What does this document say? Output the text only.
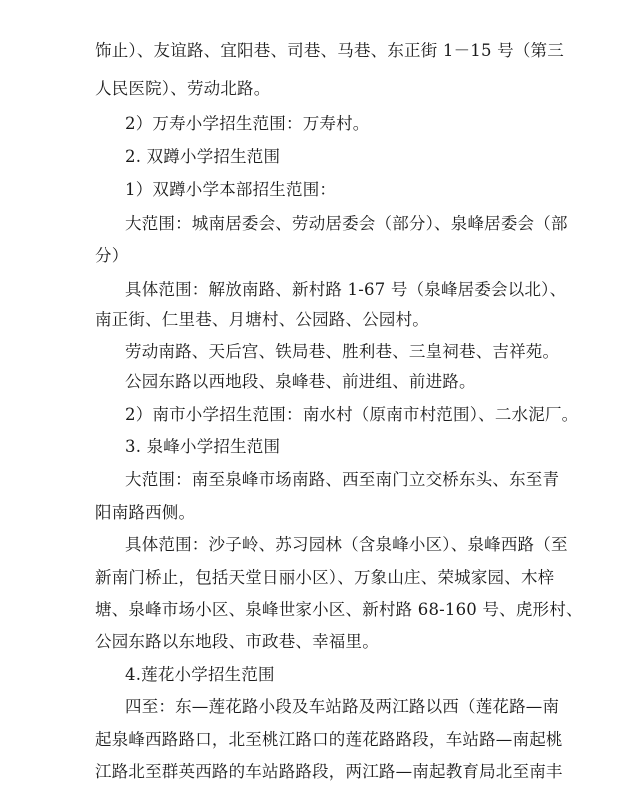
饰止）、友谊路、宜阳巷、司巷、马巷、东正街 1－15 号（第三
人民医院）、劳动北路。
2）万寿小学招生范围：万寿村。
2. 双蹲小学招生范围
1）双蹲小学本部招生范围：
大范围：城南居委会、劳动居委会（部分）、泉峰居委会（部
分）
具体范围：解放南路、新村路 1-67 号（泉峰居委会以北）、
南正街、仁里巷、月塘村、公园路、公园村。
劳动南路、天后宫、铁局巷、胜利巷、三皇祠巷、吉祥苑。
公园东路以西地段、泉峰巷、前进组、前进路。
2）南市小学招生范围：南水村（原南市村范围）、二水泥厂。
3. 泉峰小学招生范围
大范围：南至泉峰市场南路、西至南门立交桥东头、东至青
阳南路西侧。
具体范围：沙子岭、苏习园林（含泉峰小区）、泉峰西路（至
新南门桥止，包括天堂日丽小区）、万象山庄、荣城家园、木梓
塘、泉峰市场小区、泉峰世家小区、新村路 68-160 号、虎形村、
公园东路以东地段、市政巷、幸福里。
4.莲花小学招生范围
四至：东—莲花路小段及车站路及两江路以西（莲花路—南
起泉峰西路路口，北至桃江路口的莲花路路段，车站路—南起桃
江路北至群英西路的车站路路段，两江路—南起教育局北至南丰
